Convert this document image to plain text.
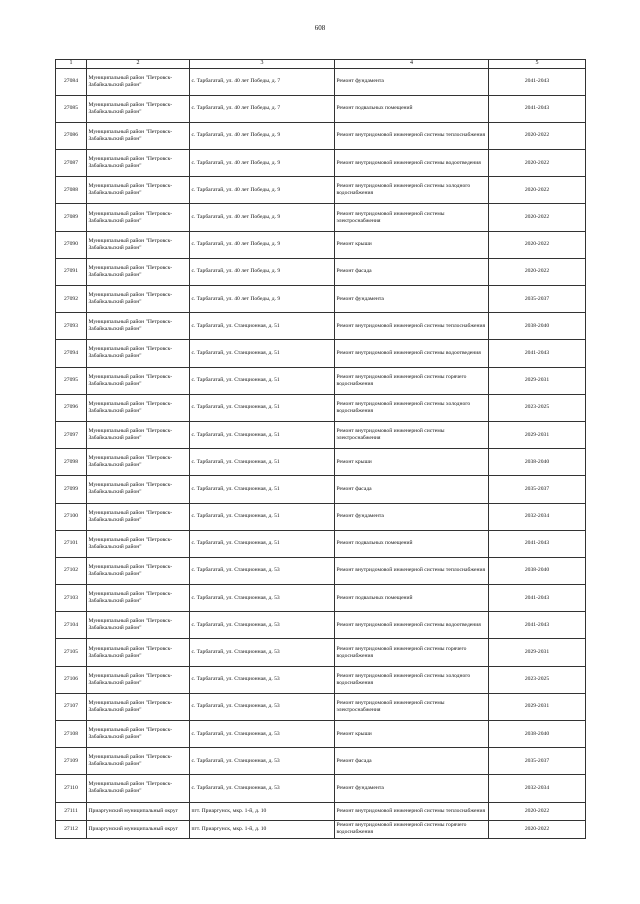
608
1	2	3	4	5
27084	Муниципальный район "Петровск-Забайкальский район"	с. Тарбагатай, ул. 40 лет Победы, д. 7	Ремонт фундамента	2041-2043
27085	Муниципальный район "Петровск-Забайкальский район"	с. Тарбагатай, ул. 40 лет Победы, д. 7	Ремонт подвальных помещений	2041-2043
27086	Муниципальный район "Петровск-Забайкальский район"	с. Тарбагатай, ул. 40 лет Победы, д. 9	Ремонт внутридомовой инженерной системы теплоснабжения	2020-2022
27087	Муниципальный район "Петровск-Забайкальский район"	с. Тарбагатай, ул. 40 лет Победы, д. 9	Ремонт внутридомовой инженерной системы водоотведения	2020-2022
27088	Муниципальный район "Петровск-Забайкальский район"	с. Тарбагатай, ул. 40 лет Победы, д. 9	Ремонт внутридомовой инженерной системы холодного водоснабжения	2020-2022
27089	Муниципальный район "Петровск-Забайкальский район"	с. Тарбагатай, ул. 40 лет Победы, д. 9	Ремонт внутридомовой инженерной системы электроснабжения	2020-2022
27090	Муниципальный район "Петровск-Забайкальский район"	с. Тарбагатай, ул. 40 лет Победы, д. 9	Ремонт крыши	2020-2022
27091	Муниципальный район "Петровск-Забайкальский район"	с. Тарбагатай, ул. 40 лет Победы, д. 9	Ремонт фасада	2020-2022
27092	Муниципальный район "Петровск-Забайкальский район"	с. Тарбагатай, ул. 40 лет Победы, д. 9	Ремонт фундамента	2035-2037
27093	Муниципальный район "Петровск-Забайкальский район"	с. Тарбагатай, ул. Станционная, д. 51	Ремонт внутридомовой инженерной системы теплоснабжения	2038-2040
27094	Муниципальный район "Петровск-Забайкальский район"	с. Тарбагатай, ул. Станционная, д. 51	Ремонт внутридомовой инженерной системы водоотведения	2041-2043
27095	Муниципальный район "Петровск-Забайкальский район"	с. Тарбагатай, ул. Станционная, д. 51	Ремонт внутридомовой инженерной системы горячего водоснабжения	2029-2031
27096	Муниципальный район "Петровск-Забайкальский район"	с. Тарбагатай, ул. Станционная, д. 51	Ремонт внутридомовой инженерной системы холодного водоснабжения	2023-2025
27097	Муниципальный район "Петровск-Забайкальский район"	с. Тарбагатай, ул. Станционная, д. 51	Ремонт внутридомовой инженерной системы электроснабжения	2029-2031
27098	Муниципальный район "Петровск-Забайкальский район"	с. Тарбагатай, ул. Станционная, д. 51	Ремонт крыши	2038-2040
27099	Муниципальный район "Петровск-Забайкальский район"	с. Тарбагатай, ул. Станционная, д. 51	Ремонт фасада	2035-2037
27100	Муниципальный район "Петровск-Забайкальский район"	с. Тарбагатай, ул. Станционная, д. 51	Ремонт фундамента	2032-2034
27101	Муниципальный район "Петровск-Забайкальский район"	с. Тарбагатай, ул. Станционная, д. 51	Ремонт подвальных помещений	2041-2043
27102	Муниципальный район "Петровск-Забайкальский район"	с. Тарбагатай, ул. Станционная, д. 53	Ремонт внутридомовой инженерной системы теплоснабжения	2038-2040
27103	Муниципальный район "Петровск-Забайкальский район"	с. Тарбагатай, ул. Станционная, д. 53	Ремонт подвальных помещений	2041-2043
27104	Муниципальный район "Петровск-Забайкальский район"	с. Тарбагатай, ул. Станционная, д. 53	Ремонт внутридомовой инженерной системы водоотведения	2041-2043
27105	Муниципальный район "Петровск-Забайкальский район"	с. Тарбагатай, ул. Станционная, д. 53	Ремонт внутридомовой инженерной системы горячего водоснабжения	2029-2031
27106	Муниципальный район "Петровск-Забайкальский район"	с. Тарбагатай, ул. Станционная, д. 53	Ремонт внутридомовой инженерной системы холодного водоснабжения	2023-2025
27107	Муниципальный район "Петровск-Забайкальский район"	с. Тарбагатай, ул. Станционная, д. 53	Ремонт внутридомовой инженерной системы электроснабжения	2029-2031
27108	Муниципальный район "Петровск-Забайкальский район"	с. Тарбагатай, ул. Станционная, д. 53	Ремонт крыши	2038-2040
27109	Муниципальный район "Петровск-Забайкальский район"	с. Тарбагатай, ул. Станционная, д. 53	Ремонт фасада	2035-2037
27110	Муниципальный район "Петровск-Забайкальский район"	с. Тарбагатай, ул. Станционная, д. 53	Ремонт фундамента	2032-2034
27111	Приаргунский муниципальный округ	пгт. Приаргунск, мкр. 1-й, д. 10	Ремонт внутридомовой инженерной системы теплоснабжения	2020-2022
27112	Приаргунский муниципальный округ	пгт. Приаргунск, мкр. 1-й, д. 10	Ремонт внутридомовой инженерной системы горячего водоснабжения	2020-2022
